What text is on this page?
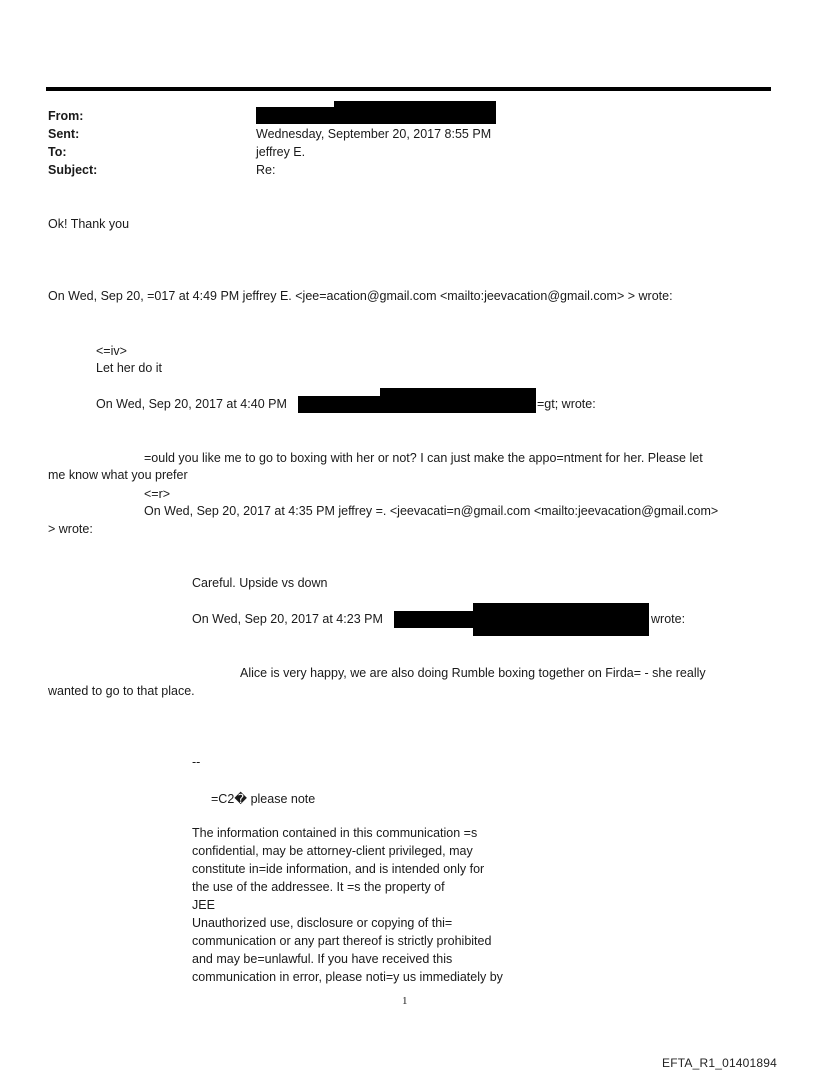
From:
Sent:	Wednesday, September 20, 2017 8:55 PM
To:	jeffrey E.
Subject:	Re:
Ok! Thank you
On Wed, Sep 20, =017 at 4:49 PM jeffrey E. <jee=acation@gmail.com <mailto:jeevacation@gmail.com> > wrote:
<=iv>
Let her do it
On Wed, Sep 20, 2017 at 4:40 PM	=gt; wrote:
=ould you like me to go to boxing with her or not? I can just make the appo=ntment for her. Please let
me know what you prefer
<=r>
On Wed, Sep 20, 2017 at 4:35 PM jeffrey =. <jeevacati=n@gmail.com <mailto:jeevacation@gmail.com>
> wrote:
Careful. Upside vs down
On Wed, Sep 20, 2017 at 4:23 PM	wrote:
Alice is very happy, we are also doing Rumble boxing together on Firda= - she really
wanted to go to that place.
--
=C2� please note
The information contained in this communication =s
confidential, may be attorney-client privileged, may
constitute in=ide information, and is intended only for
the use of the addressee. It =s the property of
JEE
Unauthorized use, disclosure or copying of thi=
communication or any part thereof is strictly prohibited
and may be=unlawful. If you have received this
communication in error, please noti=y us immediately by
1
EFTA_R1_01401894
